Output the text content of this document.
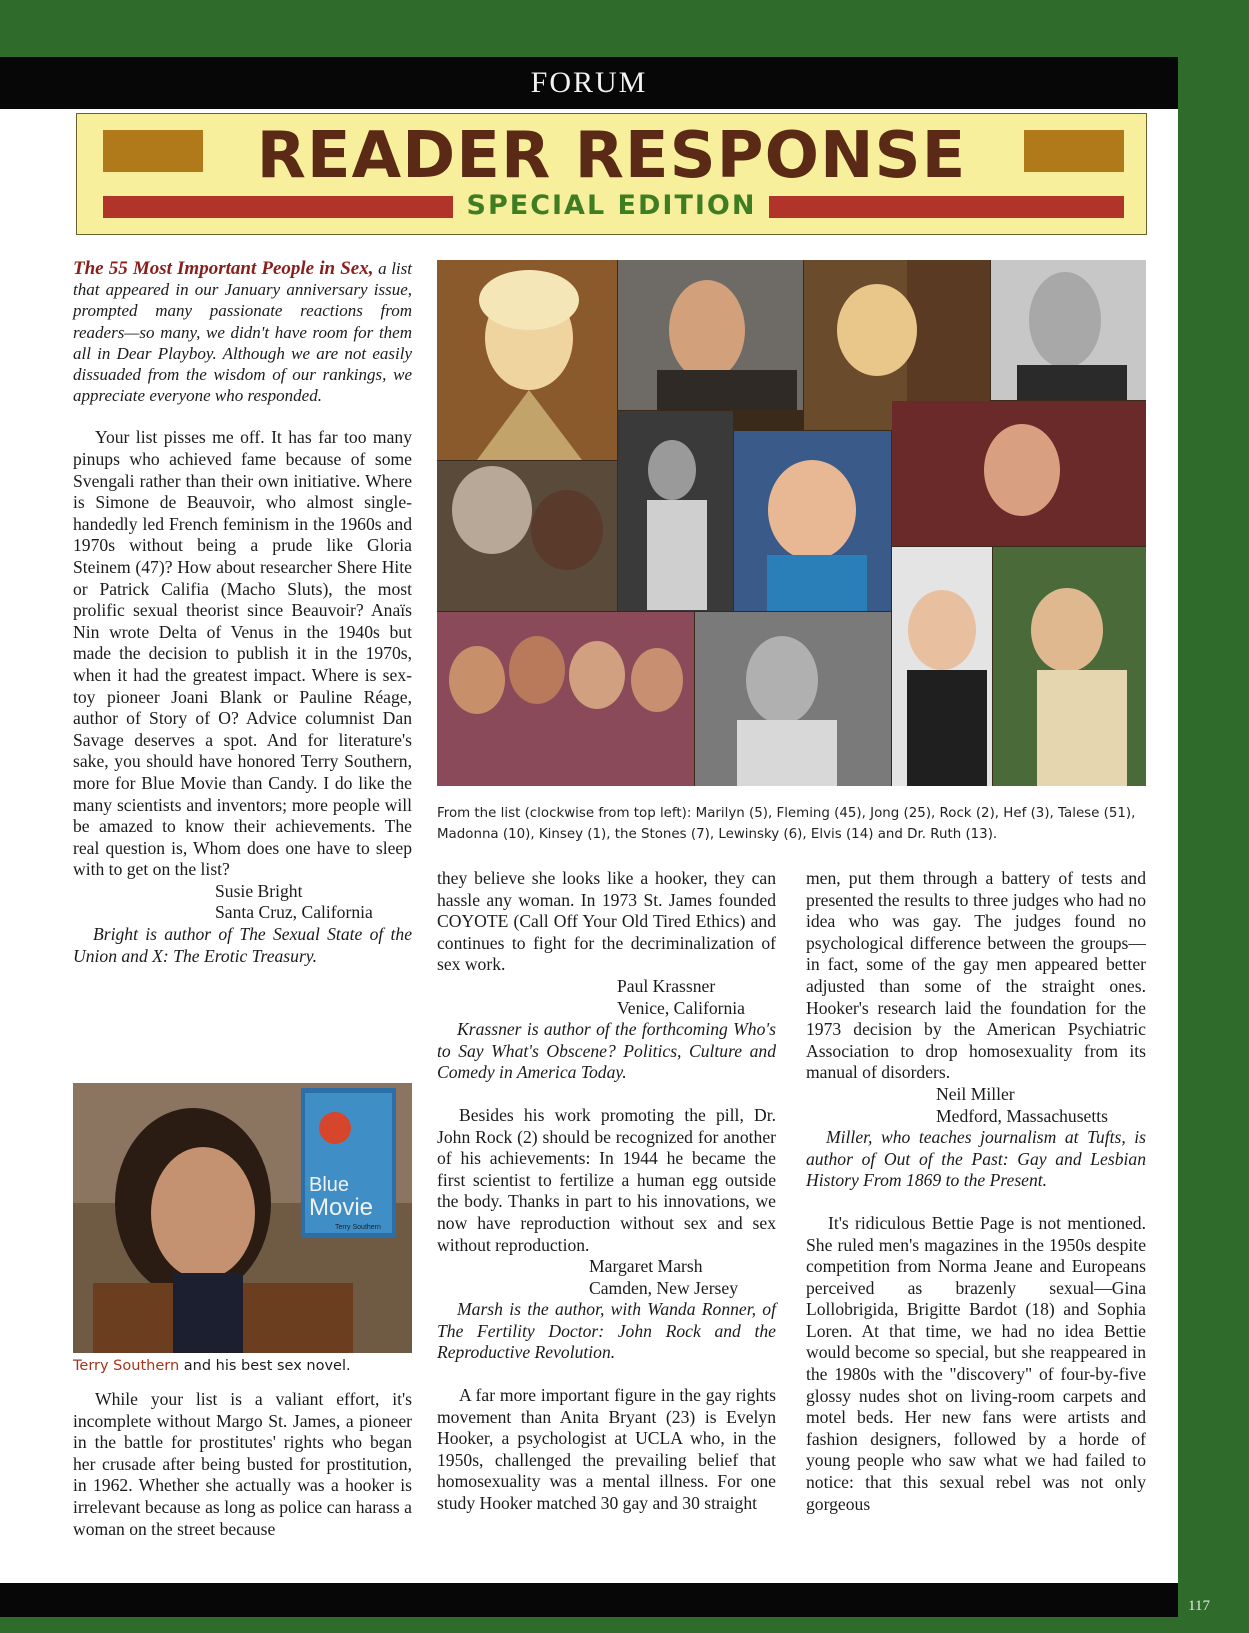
FORUM
READER RESPONSE
SPECIAL EDITION

The 55 Most Important People in Sex, a list that appeared in our January anniversary issue, prompted many passionate reactions from readers—so many, we didn't have room for them all in Dear Playboy. Although we are not easily dissuaded from the wisdom of our rankings, we appreciate everyone who responded.

Your list pisses me off. It has far too many pinups who achieved fame because of some Svengali rather than their own initiative. Where is Simone de Beauvoir, who almost single-handedly led French feminism in the 1960s and 1970s without being a prude like Gloria Steinem (47)? How about researcher Shere Hite or Patrick Califia (Macho Sluts), the most prolific sexual theorist since Beauvoir? Anaïs Nin wrote Delta of Venus in the 1940s but made the decision to publish it in the 1970s, when it had the greatest impact. Where is sex-toy pioneer Joani Blank or Pauline Réage, author of Story of O? Advice columnist Dan Savage deserves a spot. And for literature's sake, you should have honored Terry Southern, more for Blue Movie than Candy. I do like the many scientists and inventors; more people will be amazed to know their achievements. The real question is, Whom does one have to sleep with to get on the list?

Susie Bright

Santa Cruz, California

Bright is author of The Sexual State of the Union and X: The Erotic Treasury.

Blue
Movie
Terry Southern
Terry Southern and his best sex novel.

While your list is a valiant effort, it's incomplete without Margo St. James, a pioneer in the battle for prostitutes' rights who began her crusade after being busted for prostitution, in 1962. Whether she actually was a hooker is irrelevant because as long as police can harass a woman on the street because

From the list (clockwise from top left): Marilyn (5), Fleming (45), Jong (25), Rock (2), Hef (3), Talese (51), Madonna (10), Kinsey (1), the Stones (7), Lewinsky (6), Elvis (14) and Dr. Ruth (13).

they believe she looks like a hooker, they can hassle any woman. In 1973 St. James founded COYOTE (Call Off Your Old Tired Ethics) and continues to fight for the decriminalization of sex work.

Paul Krassner

Venice, California

Krassner is author of the forthcoming Who's to Say What's Obscene? Politics, Culture and Comedy in America Today.

Besides his work promoting the pill, Dr. John Rock (2) should be recognized for another of his achievements: In 1944 he became the first scientist to fertilize a human egg outside the body. Thanks in part to his innovations, we now have reproduction without sex and sex without reproduction.

Margaret Marsh

Camden, New Jersey

Marsh is the author, with Wanda Ronner, of The Fertility Doctor: John Rock and the Reproductive Revolution.

A far more important figure in the gay rights movement than Anita Bryant (23) is Evelyn Hooker, a psychologist at UCLA who, in the 1950s, challenged the prevailing belief that homosexuality was a mental illness. For one study Hooker matched 30 gay and 30 straight

men, put them through a battery of tests and presented the results to three judges who had no idea who was gay. The judges found no psychological difference between the groups—in fact, some of the gay men appeared better adjusted than some of the straight ones. Hooker's research laid the foundation for the 1973 decision by the American Psychiatric Association to drop homosexuality from its manual of disorders.

Neil Miller

Medford, Massachusetts

Miller, who teaches journalism at Tufts, is author of Out of the Past: Gay and Lesbian History From 1869 to the Present.

It's ridiculous Bettie Page is not mentioned. She ruled men's magazines in the 1950s despite competition from Norma Jeane and Europeans perceived as brazenly sexual—Gina Lollobrigida, Brigitte Bardot (18) and Sophia Loren. At that time, we had no idea Bettie would become so special, but she reappeared in the 1980s with the "discovery" of four-by-five glossy nudes shot on living-room carpets and motel beds. Her new fans were artists and fashion designers, followed by a horde of young people who saw what we had failed to notice: that this sexual rebel was not only gorgeous

117
